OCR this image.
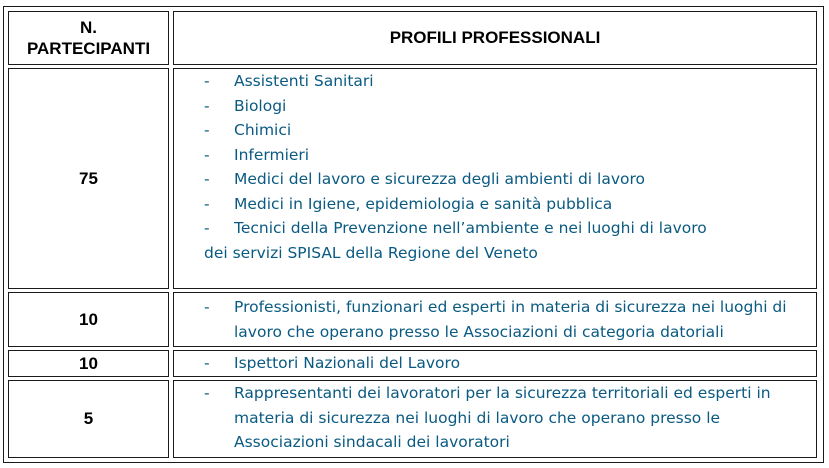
N.
PARTECIPANTI
PROFILI PROFESSIONALI
75
- Assistenti Sanitari
- Biologi
- Chimici
- Infermieri
- Medici del lavoro e sicurezza degli ambienti di lavoro
- Medici in Igiene, epidemiologia e sanità pubblica
- Tecnici della Prevenzione nell’ambiente e nei luoghi di lavoro
dei servizi SPISAL della Regione del Veneto
10
- Professionisti, funzionari ed esperti in materia di sicurezza nei luoghi di lavoro che operano presso le Associazioni di categoria datoriali
10	- Ispettori Nazionali del Lavoro
5
- Rappresentanti dei lavoratori per la sicurezza territoriali ed esperti in materia di sicurezza nei luoghi di lavoro che operano presso le Associazioni sindacali dei lavoratori
